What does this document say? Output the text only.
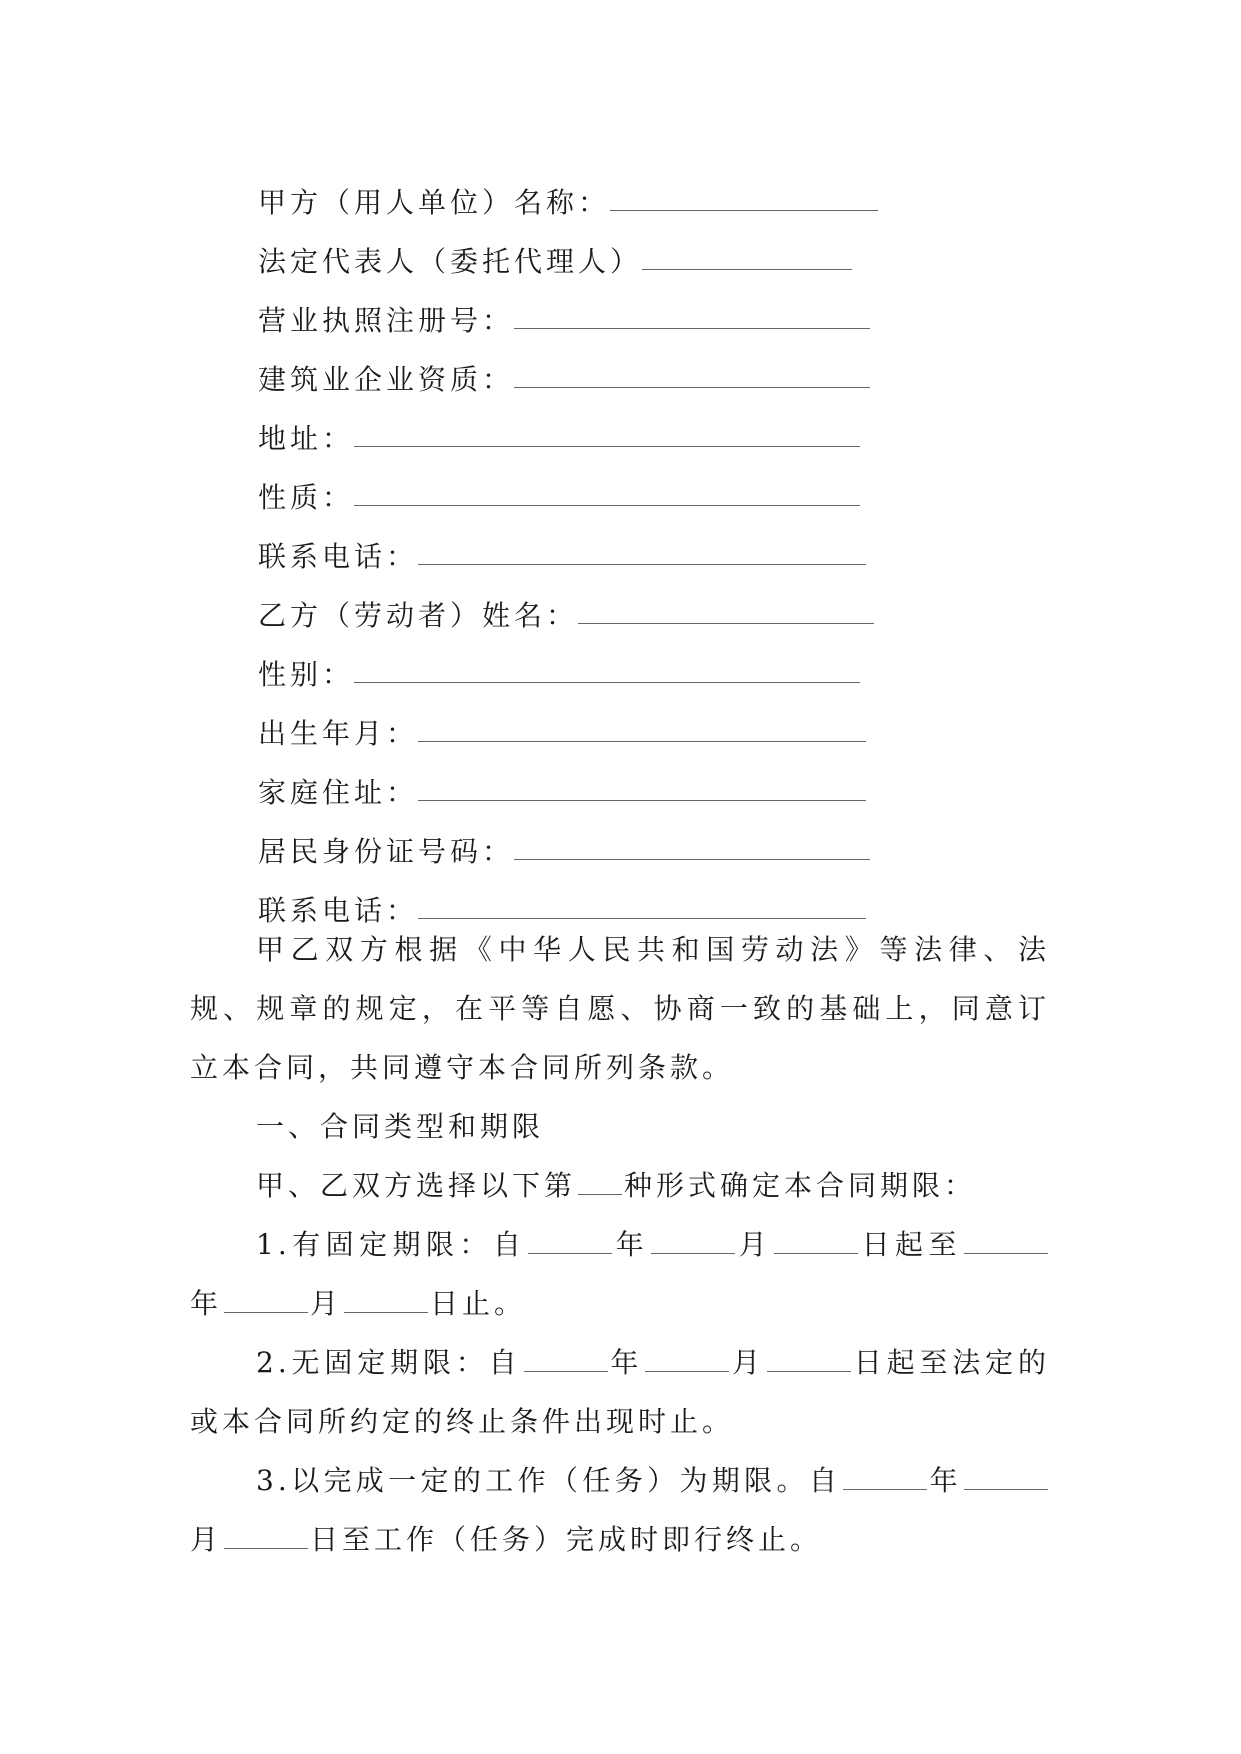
甲方（用人单位）名称：
法定代表人（委托代理人）
营业执照注册号：
建筑业企业资质：
地址：
性质：
联系电话：
乙方（劳动者）姓名：
性别：
出生年月：
家庭住址：
居民身份证号码：
联系电话：

甲乙双方根据《中华人民共和国劳动法》等法律、法规、规章的规定，在平等自愿、协商一致的基础上，同意订立本合同，共同遵守本合同所列条款。

一、合同类型和期限

甲、乙双方选择以下第 种形式确定本合同期限：

1.有固定期限：自	年	月	日起至年	月	日止。

2.无固定期限：自	年	月	日起至法定的或本合同所约定的终止条件出现时止。

3.以完成一定的工作（任务）为期限。自	年月	日至工作（任务）完成时即行终止。
